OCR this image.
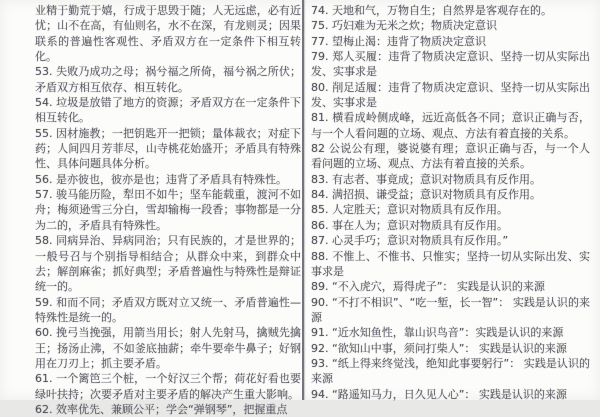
业精于勤荒于嬉，行成于思毁于随；人无远虑，必有近忧；山不在高，有仙则名，水不在深，有龙则灵；因果联系的普遍性客观性、矛盾双方在一定条件下相互转化。

53. 失败乃成功之母；祸兮福之所倚，福兮祸之所伏；矛盾双方相互依存、相互转化。

54. 垃圾是放错了地方的资源；矛盾双方在一定条件下相互转化。

55. 因材施教；一把钥匙开一把锁；量体裁衣；对症下药；人间四月芳菲尽，山寺桃花始盛开；矛盾具有特殊性、具体问题具体分析。

56. 是亦彼也，彼亦是也；违背了矛盾具有特殊性。

57. 骏马能历险，犁田不如牛；坚车能载重，渡河不如舟；梅须逊雪三分白，雪却输梅一段香；事物都是一分为二的，矛盾具有特殊性。

58. 同病异治、异病同治；只有民族的，才是世界的；一般号召与个别指导相结合；从群众中来，到群众中去；解剖麻雀；抓好典型；矛盾普遍性与特殊性是辩证统一的。

59. 和而不同；矛盾双方既对立又统一、矛盾普遍性—特殊性是统一的。

60. 挽弓当挽强，用箭当用长；射人先射马，擒贼先擒王；扬汤止沸，不如釜底抽薪；牵牛要牵牛鼻子；好钢用在刀刃上；抓主要矛盾。

61. 一个篱笆三个桩，一个好汉三个帮；荷花好看也要绿叶扶持；次要矛盾对主要矛盾的解决产生重大影响。

62. 效率优先、兼顾公平；学会“弹钢琴”，把握重点

74. 天地和气，万物自生；自然界是客观存在的。

75. 巧妇难为无米之炊；物质决定意识

77. 望梅止渴：违背了物质决定意识

79. 郑人买履：违背了物质决定意识、坚持一切从实际出发、实事求是

80. 削足适履：违背了物质决定意识、坚持一切从实际出发、实事求是

81. 横看成岭侧成峰，远近高低各不同；意识正确与否，与一个人看问题的立场、观点、方法有着直接的关系。

82 公说公有理，婆说婆有理；意识正确与否，与一个人看问题的立场、观点、方法有着直接的关系。

83. 有志者、事竟成；意识对物质具有反作用。

84. 满招损、谦受益；意识对物质具有反作用。

85. 人定胜天；意识对物质具有反作用。

86. 事在人为；意识对物质具有反作用。

87. 心灵手巧；意识对物质具有反作用。”

88. 不惟上、不惟书、只惟实；坚持一切从实际出发、实事求是

89. “不入虎穴，焉得虎子”： 实践是认识的来源

90. “不打不相识”、“吃一堑，长一智”： 实践是认识的来源

91. “近水知鱼性，靠山识鸟音”：实践是认识的来源

92. “欲知山中事，须问打柴人”： 实践是认识的来源

93. “纸上得来终觉浅，绝知此事要躬行”： 实践是认识的来源

94. “路遥知马力，日久见人心”： 实践是认识的来源
